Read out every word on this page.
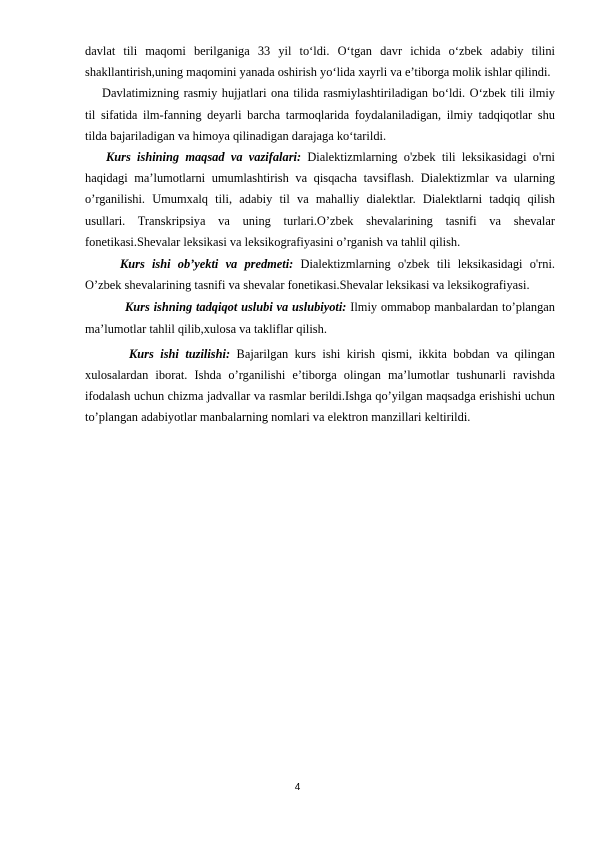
davlat tili maqomi berilganiga 33 yil to‘ldi. O‘tgan davr ichida o‘zbek adabiy tilini shakllantirish,uning maqomini yanada oshirish yo‘lida xayrli va e’tiborga molik ishlar qilindi.

Davlatimizning rasmiy hujjatlari ona tilida rasmiylashtiriladigan bo‘ldi. O‘zbek tili ilmiy til sifatida ilm-fanning deyarli barcha tarmoqlarida foydalaniladigan, ilmiy tadqiqotlar shu tilda bajariladigan va himoya qilinadigan darajaga ko‘tarildi.

Kurs ishining maqsad va vazifalari: Dialektizmlarning o'zbek tili leksikasidagi o'rni haqidagi ma’lumotlarni umumlashtirish va qisqacha tavsiflash. Dialektizmlar va ularning o’rganilishi. Umumxalq tili, adabiy til va mahalliy dialektlar. Dialektlarni tadqiq qilish usullari. Transkripsiya va uning turlari.O’zbek shevalarining tasnifi va shevalar fonetikasi.Shevalar leksikasi va leksikografiyasini o’rganish va tahlil qilish.

Kurs ishi ob’yekti va predmeti: Dialektizmlarning o'zbek tili leksikasidagi o'rni. O’zbek shevalarining tasnifi va shevalar fonetikasi.Shevalar leksikasi va leksikografiyasi.

Kurs ishning tadqiqot uslubi va uslubiyoti: Ilmiy ommabop manbalardan to’plangan ma’lumotlar tahlil qilib,xulosa va takliflar qilish.

Kurs ishi tuzilishi: Bajarilgan kurs ishi kirish qismi, ikkita bobdan va qilingan xulosalardan iborat. Ishda o’rganilishi e’tiborga olingan ma’lumotlar tushunarli ravishda ifodalash uchun chizma jadvallar va rasmlar berildi.Ishga qo’yilgan maqsadga erishishi uchun to’plangan adabiyotlar manbalarning nomlari va elektron manzillari keltirildi.

4
